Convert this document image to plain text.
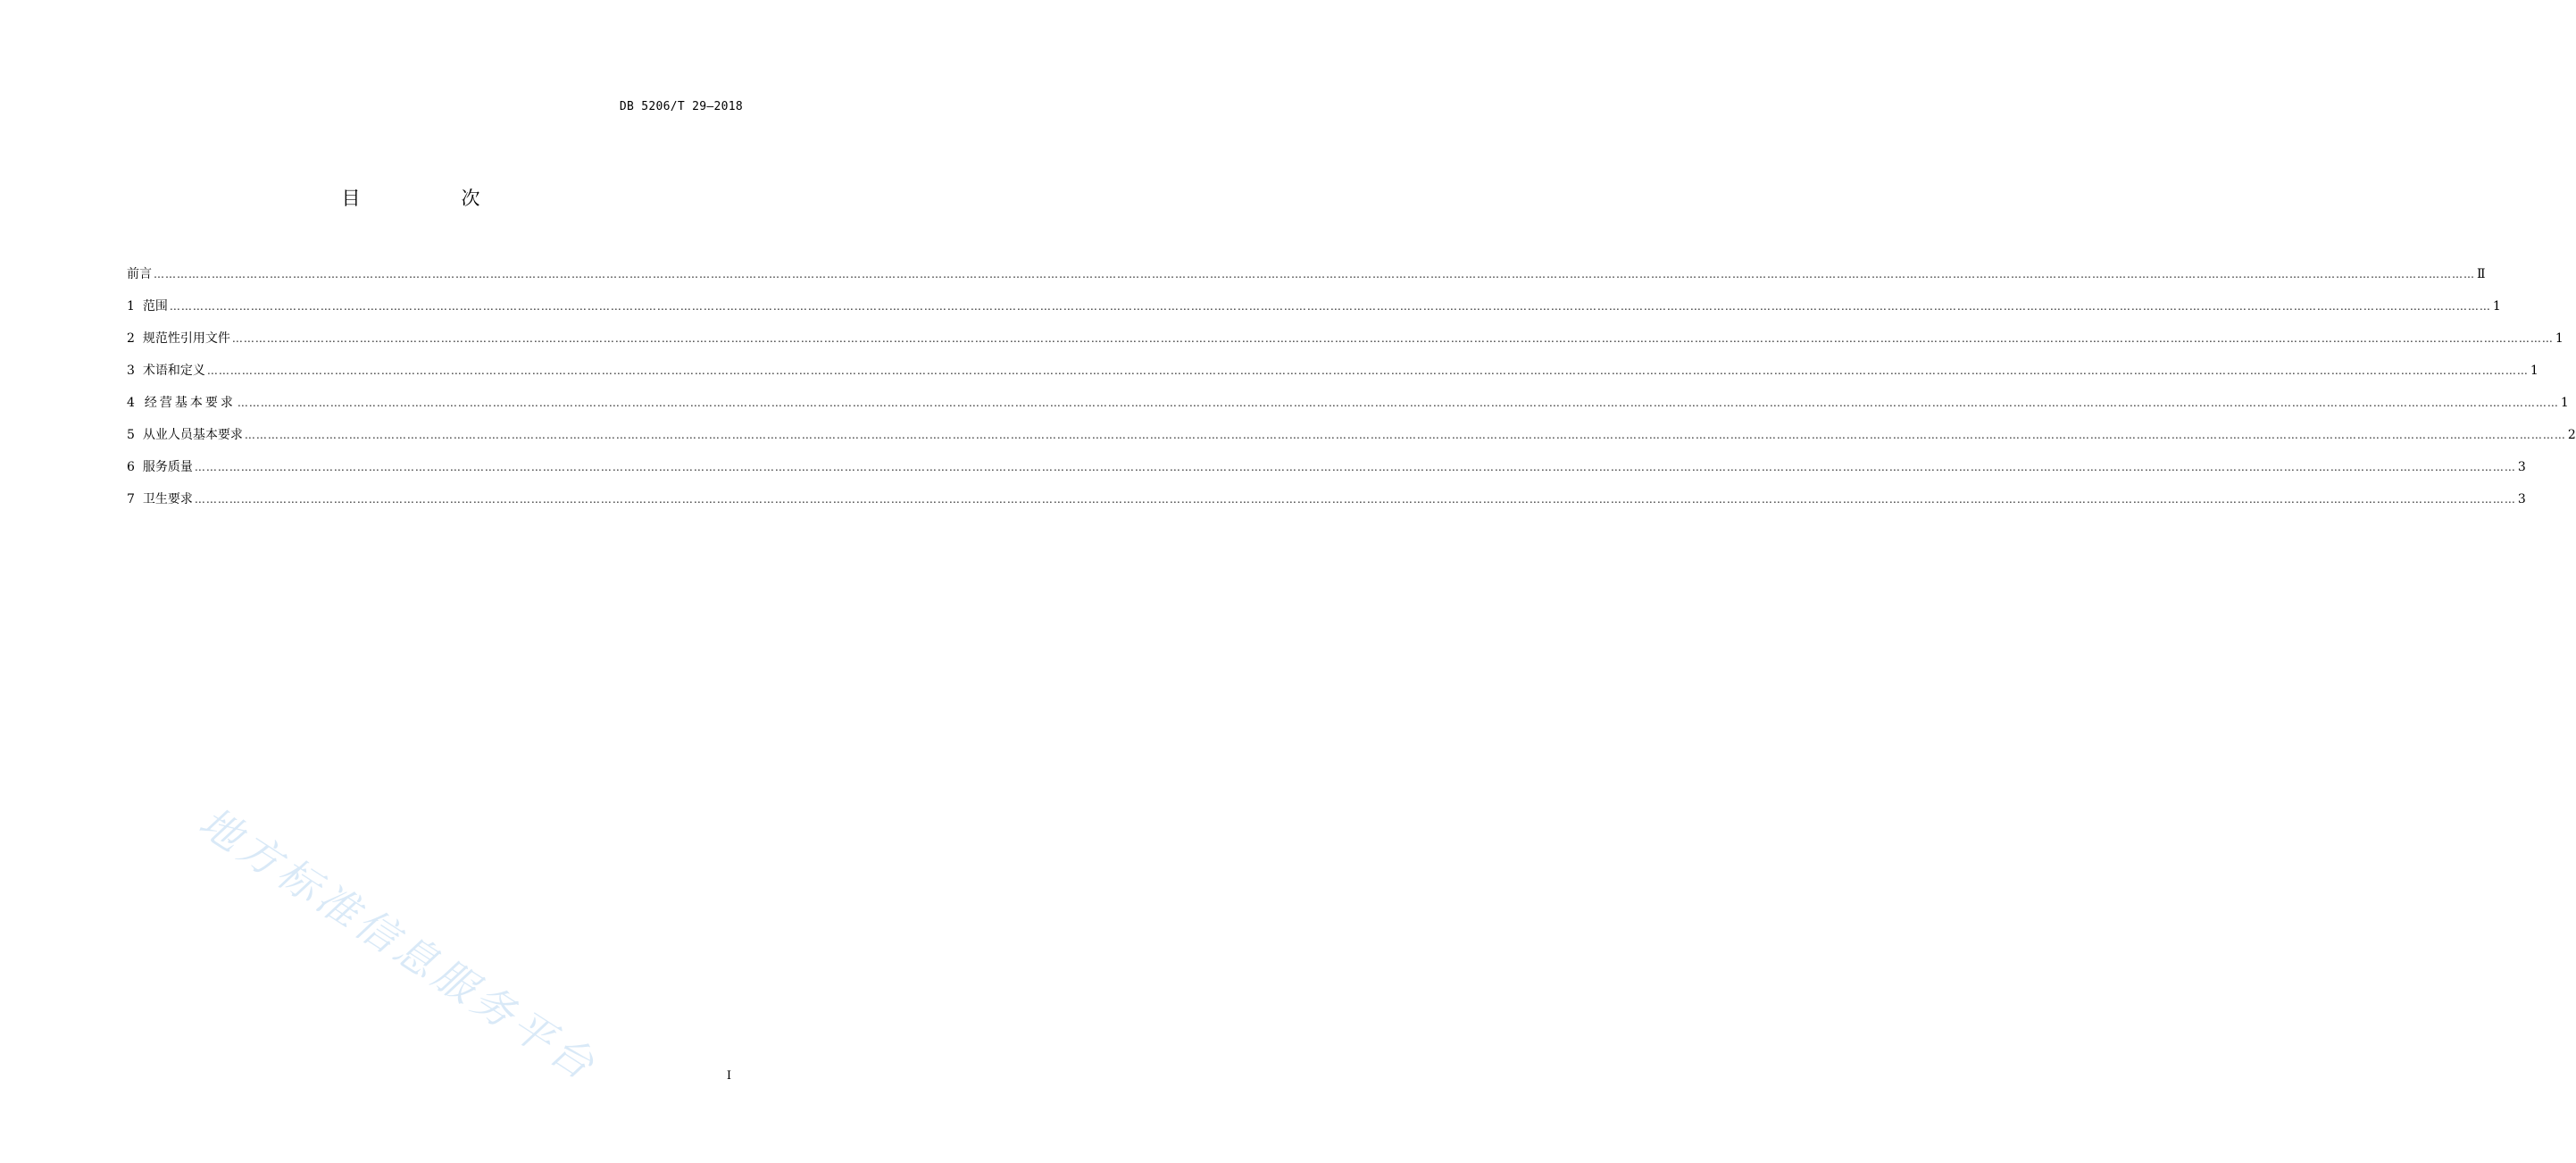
DB 5206/T 29—2018
目　次
前言 …………………………………………………………………………………………………………………………………………………………………………………………………………………………………………………………………………………………………………………………………………………………………………………………………………………………………………………………………………………………………………………………………………………… Ⅱ
1 范围 …………………………………………………………………………………………………………………………………………………………………………………………………………………………………………………………………………………………………………………………………………………………………………………………………………………………………………………………………………………………………………………………………………………… 1
2 规范性引用文件 …………………………………………………………………………………………………………………………………………………………………………………………………………………………………………………………………………………………………………………………………………………………………………………………………………………………………………………………………………………………………………………………………………………… 1
3 术语和定义 …………………………………………………………………………………………………………………………………………………………………………………………………………………………………………………………………………………………………………………………………………………………………………………………………………………………………………………………………………………………………………………………………………………… 1
4 经营基本要求 …………………………………………………………………………………………………………………………………………………………………………………………………………………………………………………………………………………………………………………………………………………………………………………………………………………………………………………………………………………………………………………………………………………… 1
5 从业人员基本要求 …………………………………………………………………………………………………………………………………………………………………………………………………………………………………………………………………………………………………………………………………………………………………………………………………………………………………………………………………………………………………………………………………………………… 2
6 服务质量 …………………………………………………………………………………………………………………………………………………………………………………………………………………………………………………………………………………………………………………………………………………………………………………………………………………………………………………………………………………………………………………………………………………… 3
7 卫生要求 …………………………………………………………………………………………………………………………………………………………………………………………………………………………………………………………………………………………………………………………………………………………………………………………………………………………………………………………………………………………………………………………………………………… 3
地方标准信息服务平台	I
